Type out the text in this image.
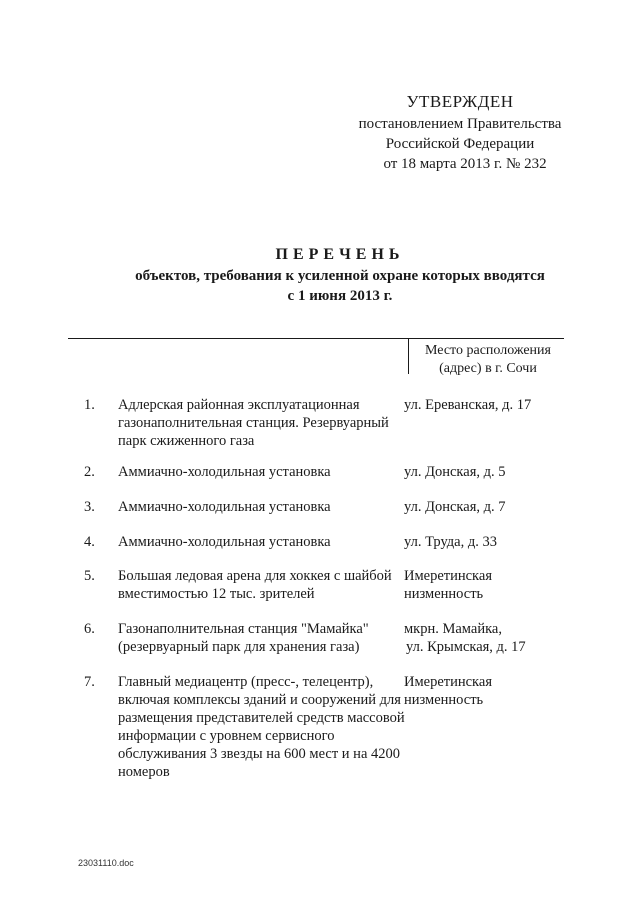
УТВЕРЖДЕН
постановлением Правительства
Российской Федерации
от 18 марта 2013 г. № 232
ПЕРЕЧЕНЬ
объектов, требования к усиленной охране которых вводятся
с 1 июня 2013 г.
Место расположения
(адрес) в г. Сочи
1.	Адлерская районная эксплуатационная газонаполнительная станция. Резервуарный парк сжиженного газа
ул. Ереванская, д. 17
2.	Аммиачно-холодильная установка	ул. Донская, д. 5
3.	Аммиачно-холодильная установка	ул. Донская, д. 7
4.	Аммиачно-холодильная установка	ул. Труда, д. 33
5.	Большая ледовая арена для хоккея с шайбой вместимостью 12 тыс. зрителей
Имеретинская
низменность
6.	Газонаполнительная станция "Мамайка" (резервуарный парк для хранения газа)
мкрн. Мамайка,
ул. Крымская, д. 17
7.	Главный медиацентр (пресс-, телецентр), включая комплексы зданий и сооружений для размещения представителей средств массовой информации с уровнем сервисного обслуживания 3 звезды на 600 мест и на 4200 номеров
Имеретинская
низменность
23031110.doc
